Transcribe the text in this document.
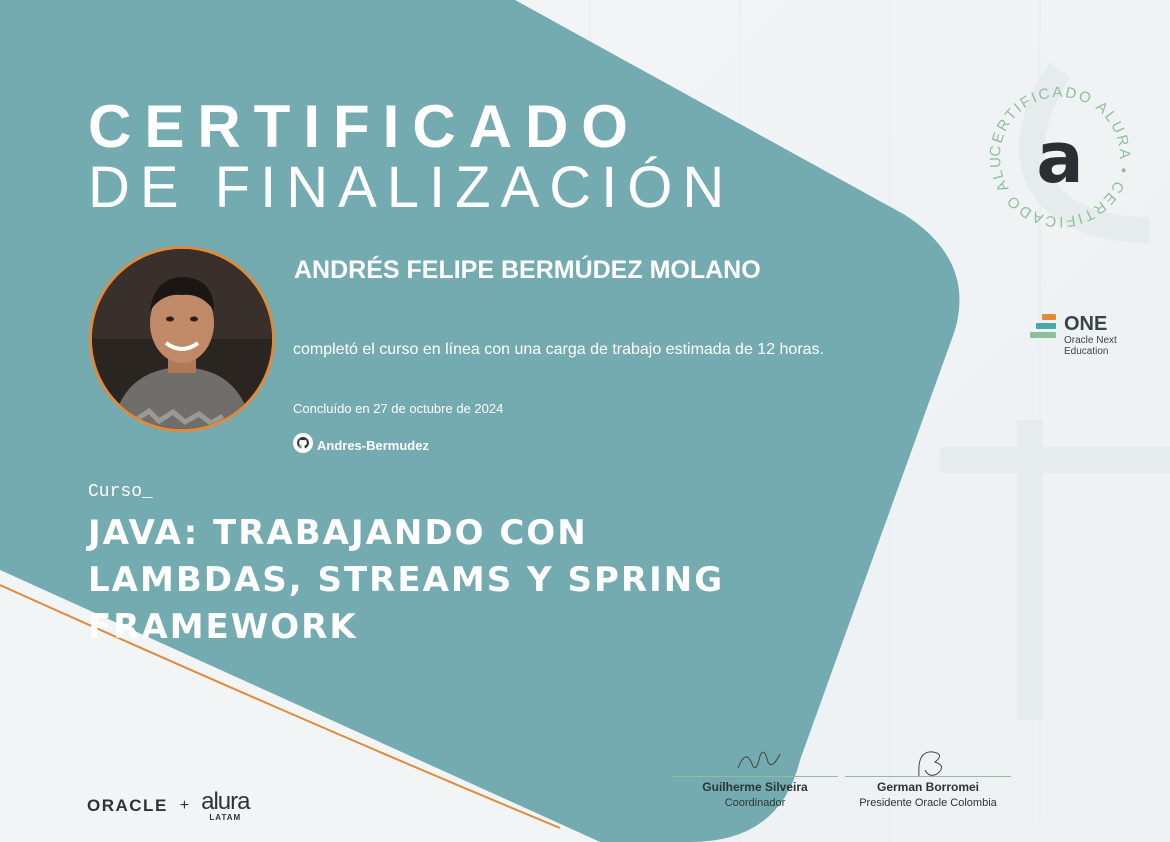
CERTIFICADO
DE FINALIZACIÓN
ANDRÉS FELIPE BERMÚDEZ MOLANO
completó el curso en línea con una carga de trabajo estimada de 12 horas.
Concluído en 27 de octubre de 2024
Andres-Bermudez
Curso_
JAVA: TRABAJANDO CON LAMBDAS, STREAMS Y SPRING FRAMEWORK
CERTIFICADO ALURA • CERTIFICADO ALU a
ONE
Oracle Next
Education
Guilherme Silveira
Coordinador
German Borromei
Presidente Oracle Colombia
ORACLE + alura
LATAM
